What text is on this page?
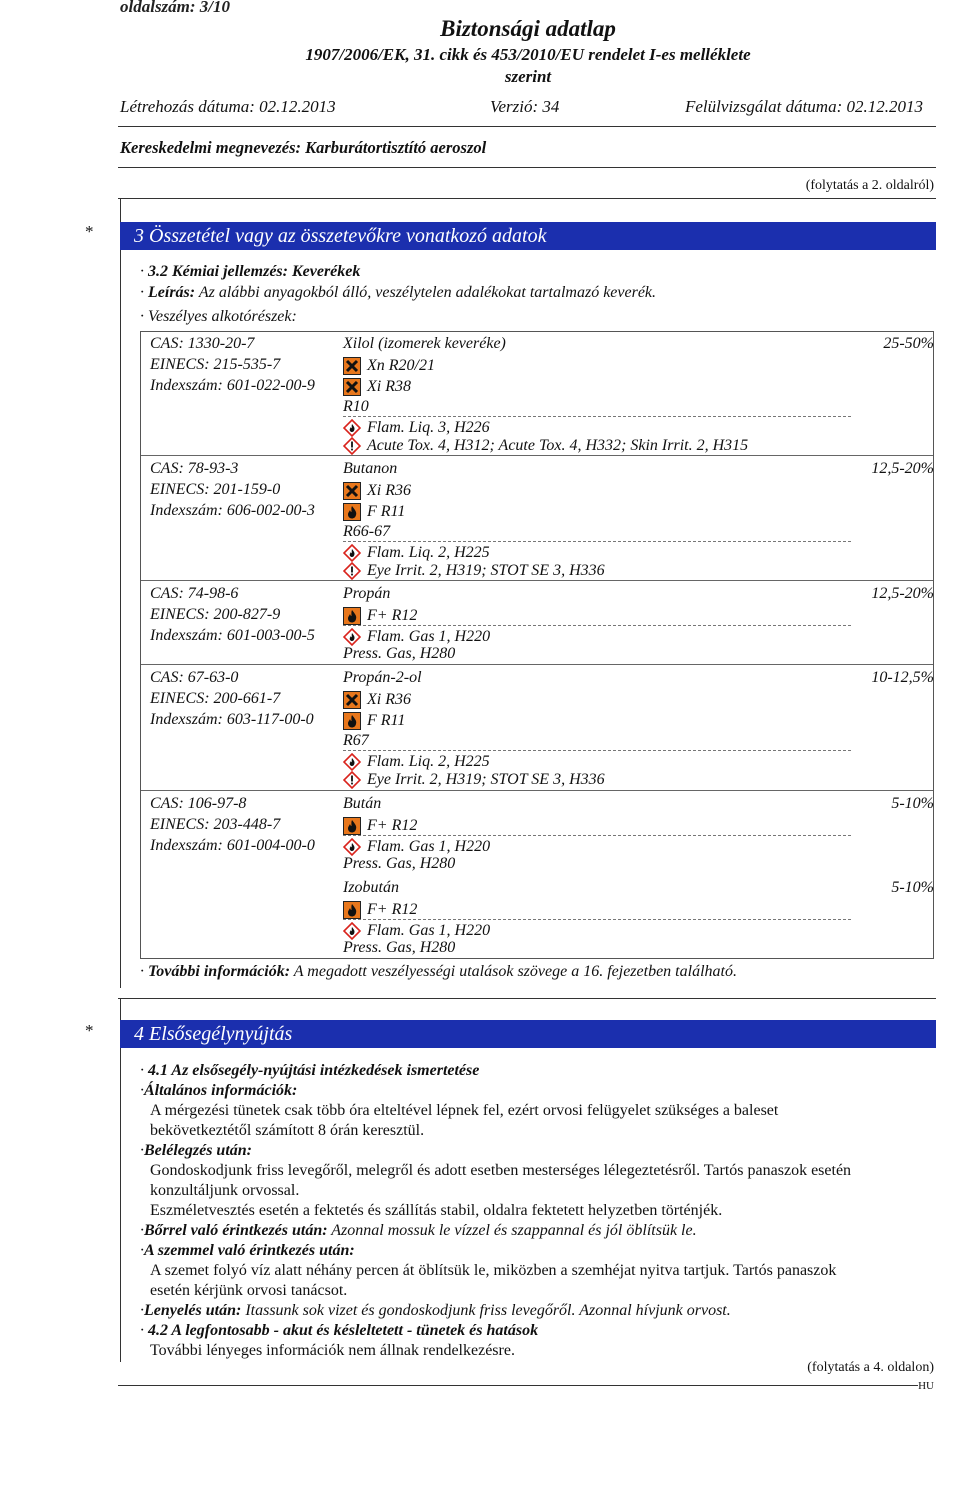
oldalszám: 3/10
Biztonsági adatlap
1907/2006/EK, 31. cikk és 453/2010/EU rendelet I-es melléklete
szerint
Létrehozás dátuma: 02.12.2013	Verzió: 34	Felülvizsgálat dátuma: 02.12.2013
Kereskedelmi megnevezés: Karburátortisztító aeroszol
(folytatás a 2. oldalról)
*	3 Összetétel vagy az összetevőkre vonatkozó adatok
· 3.2 Kémiai jellemzés: Keverékek
· Leírás: Az alábbi anyagokból álló, veszélytelen adalékokat tartalmazó keverék.
· Veszélyes alkotórészek:
CAS: 1330-20-7
EINECS: 215-535-7
Indexszám: 601-022-00-9
Xilol (izomerek keveréke)	25-50%
Xn R20/21
Xi R38
R10
Flam. Liq. 3, H226
Acute Tox. 4, H312; Acute Tox. 4, H332; Skin Irrit. 2, H315
CAS: 78-93-3
EINECS: 201-159-0
Indexszám: 606-002-00-3
Butanon	12,5-20%
Xi R36
F R11
R66-67
Flam. Liq. 2, H225
Eye Irrit. 2, H319; STOT SE 3, H336
CAS: 74-98-6
EINECS: 200-827-9
Indexszám: 601-003-00-5
Propán	12,5-20%
F+ R12
Flam. Gas 1, H220
Press. Gas, H280
CAS: 67-63-0
EINECS: 200-661-7
Indexszám: 603-117-00-0
Propán-2-ol	10-12,5%
Xi R36
F R11
R67
Flam. Liq. 2, H225
Eye Irrit. 2, H319; STOT SE 3, H336
CAS: 106-97-8
EINECS: 203-448-7
Indexszám: 601-004-00-0
Bután	5-10%
F+ R12
Flam. Gas 1, H220
Press. Gas, H280
Izobután	5-10%
F+ R12
Flam. Gas 1, H220
Press. Gas, H280
· További információk: A megadott veszélyességi utalások szövege a 16. fejezetben található.
*	4 Elsősegélynyújtás
· 4.1 Az elsősegély-nyújtási intézkedések ismertetése
·Általános információk:
A mérgezési tünetek csak több óra elteltével lépnek fel, ezért orvosi felügyelet szükséges a baleset
bekövetkeztétől számított 8 órán keresztül.
·Belélegzés után:
Gondoskodjunk friss levegőről, melegről és adott esetben mesterséges lélegeztetésről. Tartós panaszok esetén
konzultáljunk orvossal.
Eszméletvesztés esetén a fektetés és szállítás stabil, oldalra fektetett helyzetben történjék.
·Bőrrel való érintkezés után: Azonnal mossuk le vízzel és szappannal és jól öblítsük le.
·A szemmel való érintkezés után:
A szemet folyó víz alatt néhány percen át öblítsük le, miközben a szemhéjat nyitva tartjuk. Tartós panaszok
esetén kérjünk orvosi tanácsot.
·Lenyelés után: Itassunk sok vizet és gondoskodjunk friss levegőről. Azonnal hívjunk orvost.
· 4.2 A legfontosabb - akut és késleltetett - tünetek és hatások
További lényeges információk nem állnak rendelkezésre.
(folytatás a 4. oldalon)
HU
